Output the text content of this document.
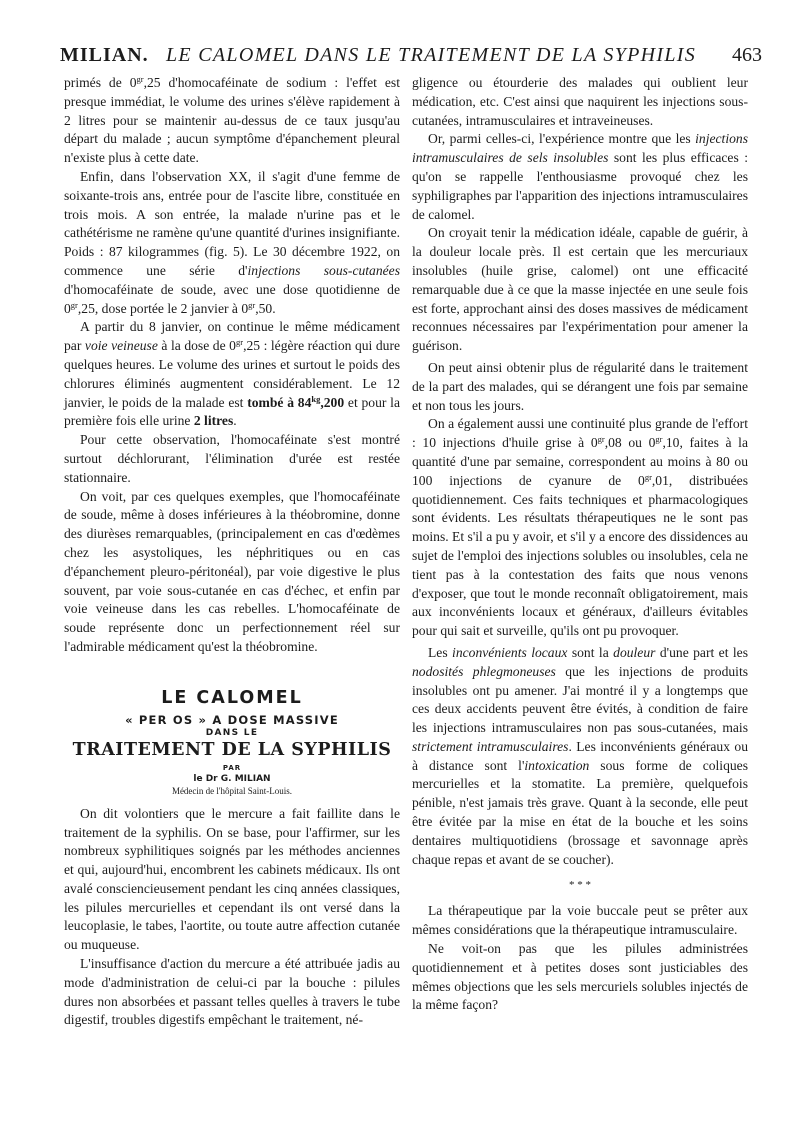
MILIAN. LE CALOMEL DANS LE TRAITEMENT DE LA SYPHILIS 463

primés de $0^{gr},25$ d'homocaféinate de sodium : l'effet est presque immédiat, le volume des urines s'élève rapidement à 2 litres pour se maintenir au-dessus de ce taux jusqu'au départ du malade ; aucun symptôme d'épanchement pleural n'existe plus à cette date.

Enfin, dans l'observation XX, il s'agit d'une femme de soixante-trois ans, entrée pour de l'ascite libre, constituée en trois mois. A son entrée, la malade n'urine pas et le cathétérisme ne ramène qu'une quantité d'urines insignifiante. Poids : 87 kilogrammes (fig. 5). Le 30 décembre 1922, on commence une série d'injections sous-cutanées d'homocaféinate de soude, avec une dose quotidienne de $0^{gr},25$, dose portée le 2 janvier à $0^{gr},50$.

A partir du 8 janvier, on continue le même médicament par voie veineuse à la dose de $0^{gr},25$ : légère réaction qui dure quelques heures. Le volume des urines et surtout le poids des chlorures éliminés augmentent considérablement. Le 12 janvier, le poids de la malade est tombé à $84^{kg},200$ et pour la première fois elle urine 2 litres.

Pour cette observation, l'homocaféinate s'est montré surtout déchlorurant, l'élimination d'urée est restée stationnaire.

On voit, par ces quelques exemples, que l'homocaféinate de soude, même à doses inférieures à la théobromine, donne des diurèses remarquables, (principalement en cas d'œdèmes chez les asystoliques, les néphritiques ou en cas d'épanchement pleuro-péritonéal), par voie digestive le plus souvent, par voie sous-cutanée en cas d'échec, et enfin par voie veineuse dans les cas rebelles. L'homocaféinate de soude représente donc un perfectionnement réel sur l'admirable médicament qu'est la théobromine.

LE CALOMEL
« PER OS » A DOSE MASSIVE
DANS LE
TRAITEMENT DE LA SYPHILIS
PAR
le Dr G. MILIAN
Médecin de l'hôpital Saint-Louis.

On dit volontiers que le mercure a fait faillite dans le traitement de la syphilis. On se base, pour l'affirmer, sur les nombreux syphilitiques soignés par les méthodes anciennes et qui, aujourd'hui, encombrent les cabinets médicaux. Ils ont avalé consciencieusement pendant les cinq années classiques, les pilules mercurielles et cependant ils ont versé dans la leucoplasie, le tabes, l'aortite, ou toute autre affection cutanée ou muqueuse.

L'insuffisance d'action du mercure a été attribuée jadis au mode d'administration de celui-ci par la bouche : pilules dures non absorbées et passant telles quelles à travers le tube digestif, troubles digestifs empêchant le traitement, né-

gligence ou étourderie des malades qui oublient leur médication, etc. C'est ainsi que naquirent les injections sous-cutanées, intramusculaires et intraveineuses.

Or, parmi celles-ci, l'expérience montre que les injections intramusculaires de sels insolubles sont les plus efficaces : qu'on se rappelle l'enthousiasme provoqué chez les syphiligraphes par l'apparition des injections intramusculaires de calomel.

On croyait tenir la médication idéale, capable de guérir, à la douleur locale près. Il est certain que les mercuriaux insolubles (huile grise, calomel) ont une efficacité remarquable due à ce que la masse injectée en une seule fois est forte, approchant ainsi des doses massives de médicament reconnues nécessaires par l'expérimentation pour amener la guérison.

On peut ainsi obtenir plus de régularité dans le traitement de la part des malades, qui se dérangent une fois par semaine et non tous les jours.

On a également aussi une continuité plus grande de l'effort : 10 injections d'huile grise à $0^{gr},08$ ou $0^{gr},10$, faites à la quantité d'une par semaine, correspondent au moins à 80 ou 100 injections de cyanure de $0^{gr},01$, distribuées quotidiennement. Ces faits techniques et pharmacologiques sont évidents. Les résultats thérapeutiques ne le sont pas moins. Et s'il a pu y avoir, et s'il y a encore des dissidences au sujet de l'emploi des injections solubles ou insolubles, cela ne tient pas à la contestation des faits que nous venons d'exposer, que tout le monde reconnaît obligatoirement, mais aux inconvénients locaux et généraux, d'ailleurs évitables pour qui sait et surveille, qu'ils ont pu provoquer.

Les inconvénients locaux sont la douleur d'une part et les nodosités phlegmoneuses que les injections de produits insolubles ont pu amener. J'ai montré il y a longtemps que ces deux accidents peuvent être évités, à condition de faire les injections intramusculaires non pas sous-cutanées, mais strictement intramusculaires. Les inconvénients généraux ou à distance sont l'intoxication sous forme de coliques mercurielles et la stomatite. La première, quelquefois pénible, n'est jamais très grave. Quant à la seconde, elle peut être évitée par la mise en état de la bouche et les soins dentaires multiquotidiens (brossage et savonnage après chaque repas et avant de se coucher).

* * *

La thérapeutique par la voie buccale peut se prêter aux mêmes considérations que la thérapeutique intramusculaire.

Ne voit-on pas que les pilules administrées quotidiennement et à petites doses sont justiciables des mêmes objections que les sels mercuriels solubles injectés de la même façon?
